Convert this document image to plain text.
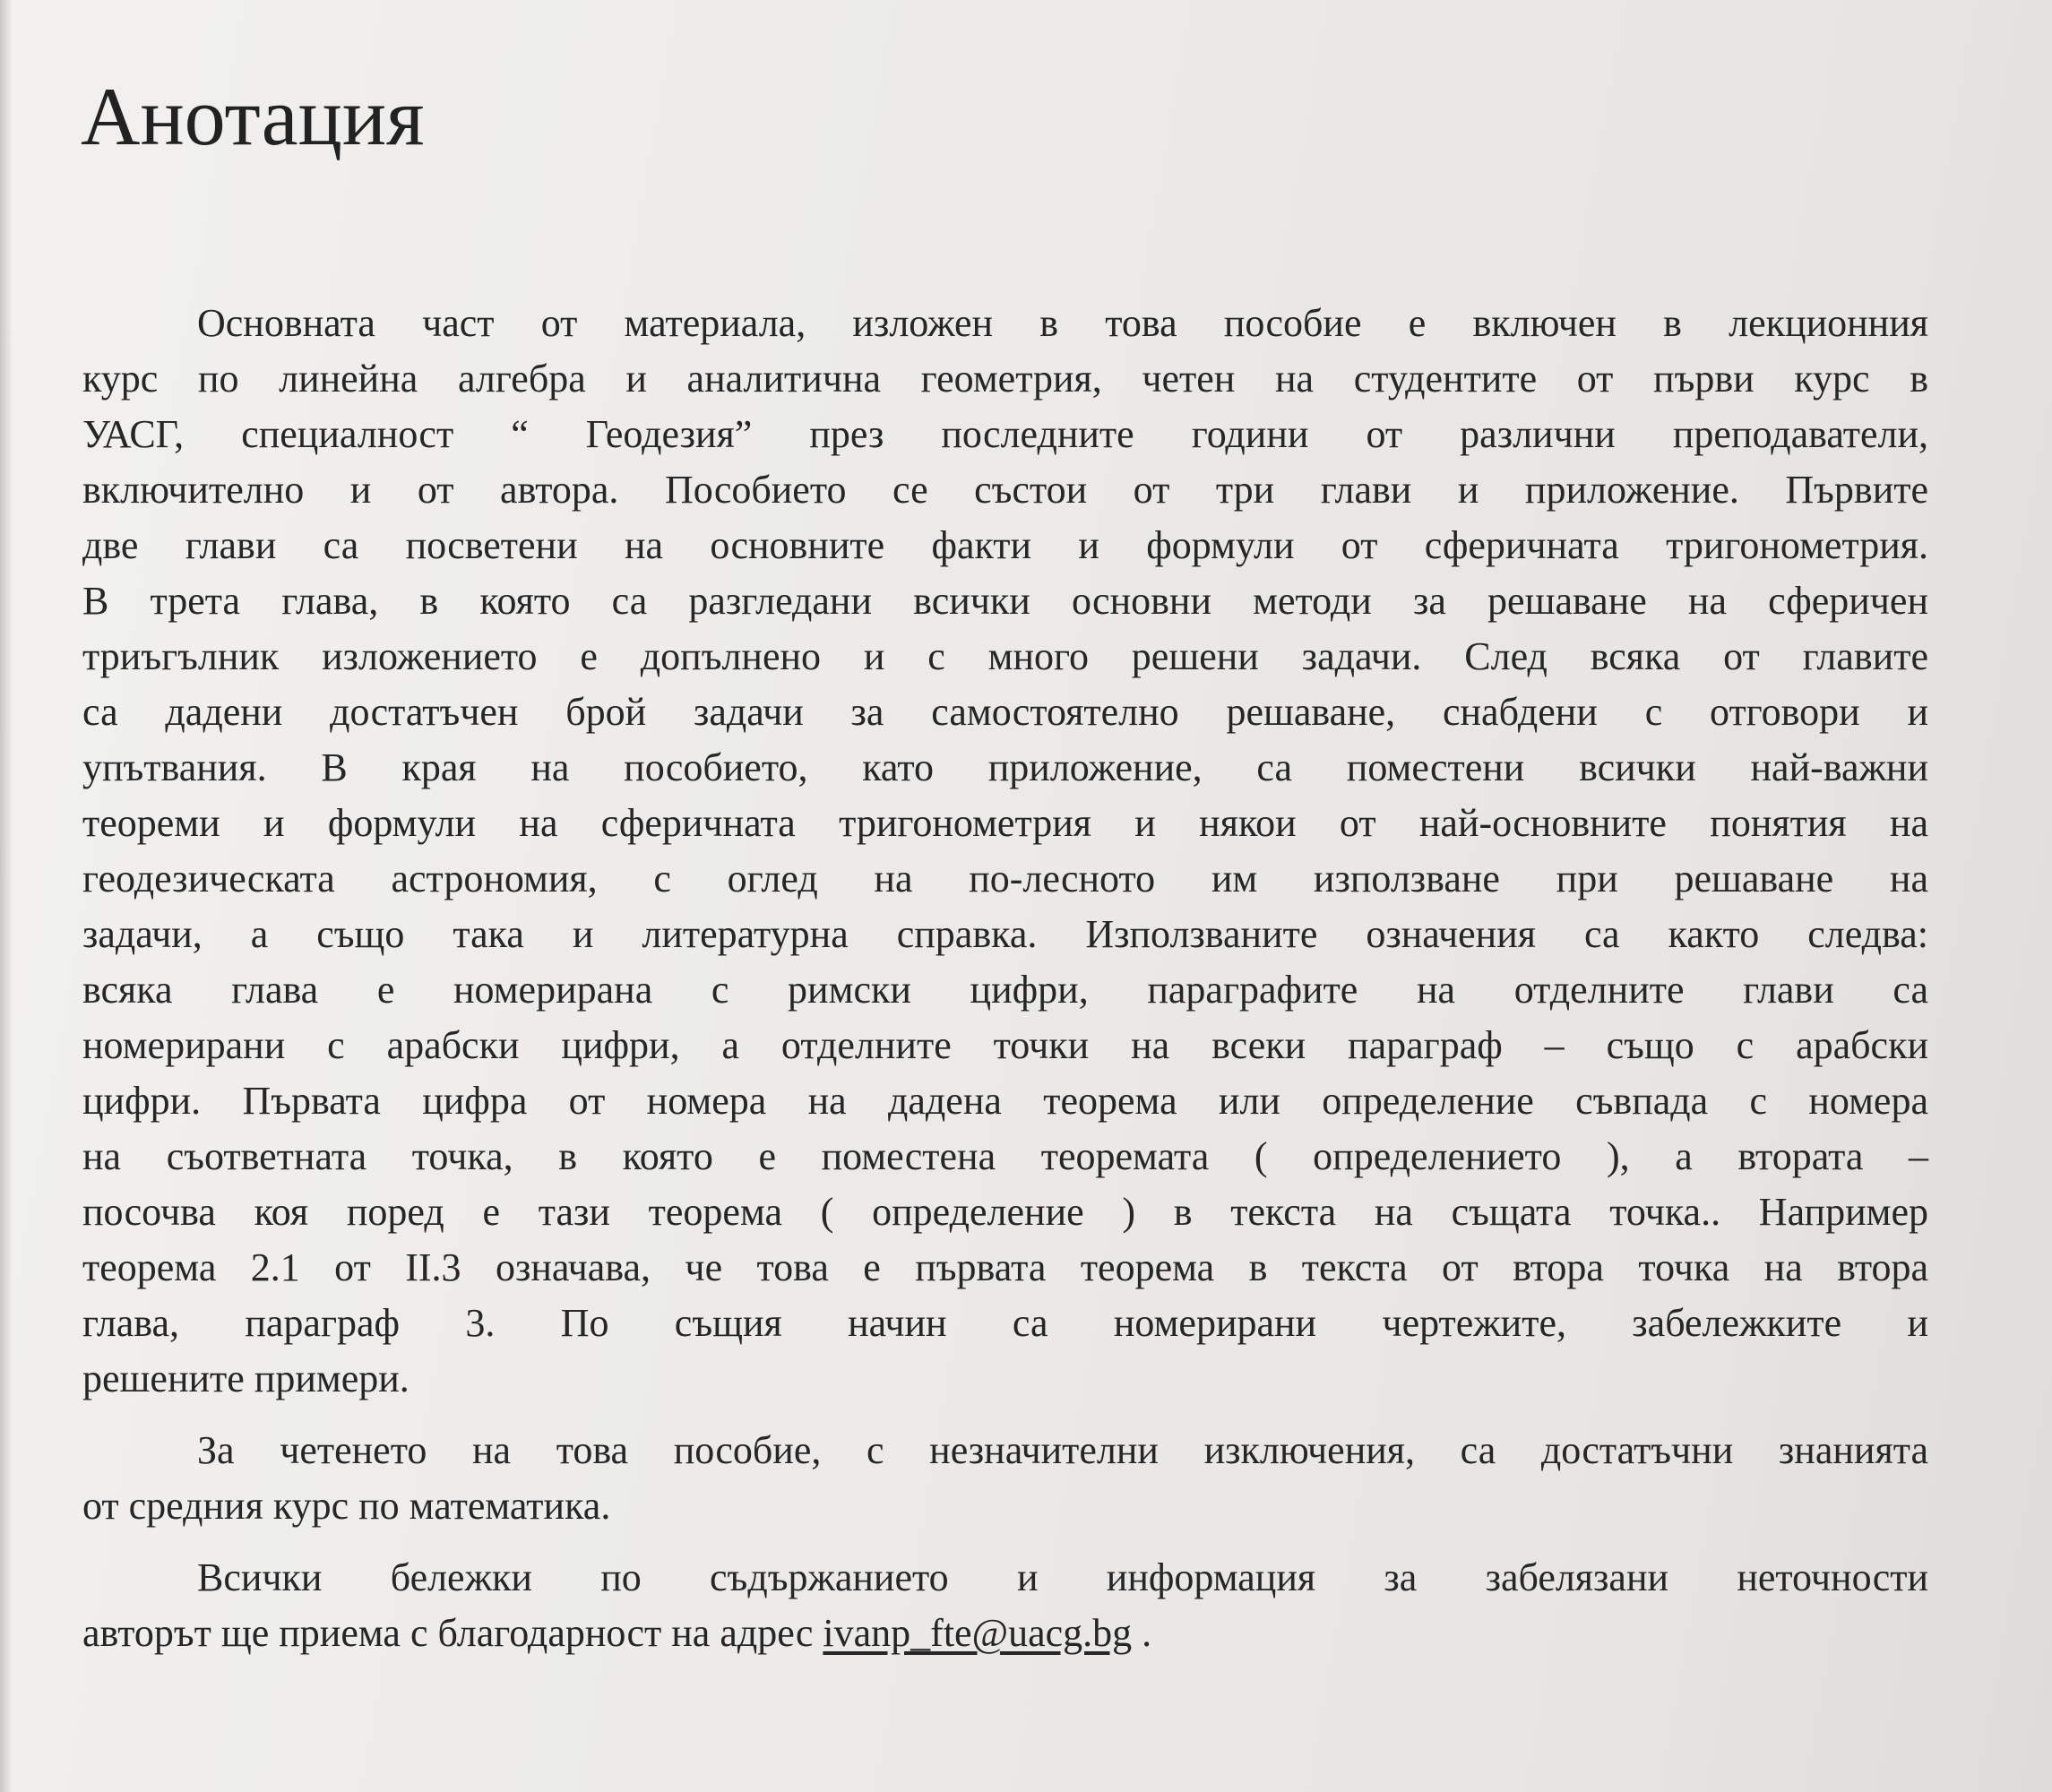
Анотация
Основната част от материала, изложен в това пособие е включен в лекционния
курс по линейна алгебра и аналитична геометрия, четен на студентите от първи курс в
УАСГ, специалност “ Геодезия” през последните години от различни преподаватели,
включително и от автора. Пособието се състои от три глави и приложение. Първите
две глави са посветени на основните факти и формули от сферичната тригонометрия.
В трета глава, в която са разгледани всички основни методи за решаване на сферичен
триъгълник изложението е допълнено и с много решени задачи. След всяка от главите
са дадени достатъчен брой задачи за самостоятелно решаване, снабдени с отговори и
упътвания. В края на пособието, като приложение, са поместени всички най-важни
теореми и формули на сферичната тригонометрия и някои от най-основните понятия на
геодезическата астрономия, с оглед на по-лесното им използване при решаване на
задачи, а също така и литературна справка. Използваните означения са както следва:
всяка глава е номерирана с римски цифри, параграфите на отделните глави са
номерирани с арабски цифри, а отделните точки на всеки параграф – също с арабски
цифри. Първата цифра от номера на дадена теорема или определение съвпада с номера
на съответната точка, в която е поместена теоремата ( определението ), а втората –
посочва коя поред е тази теорема ( определение ) в текста на същата точка.. Например
теорема 2.1 от II.3 означава, че това е първата теорема в текста от втора точка на втора
глава, параграф 3. По същия начин са номерирани чертежите, забележките и
решените примери.
За четенето на това пособие, с незначителни изключения, са достатъчни знанията
от средния курс по математика.
Всички бележки по съдържанието и информация за забелязани неточности
авторът ще приема с благодарност на адрес ivanp_fte@uacg.bg .
